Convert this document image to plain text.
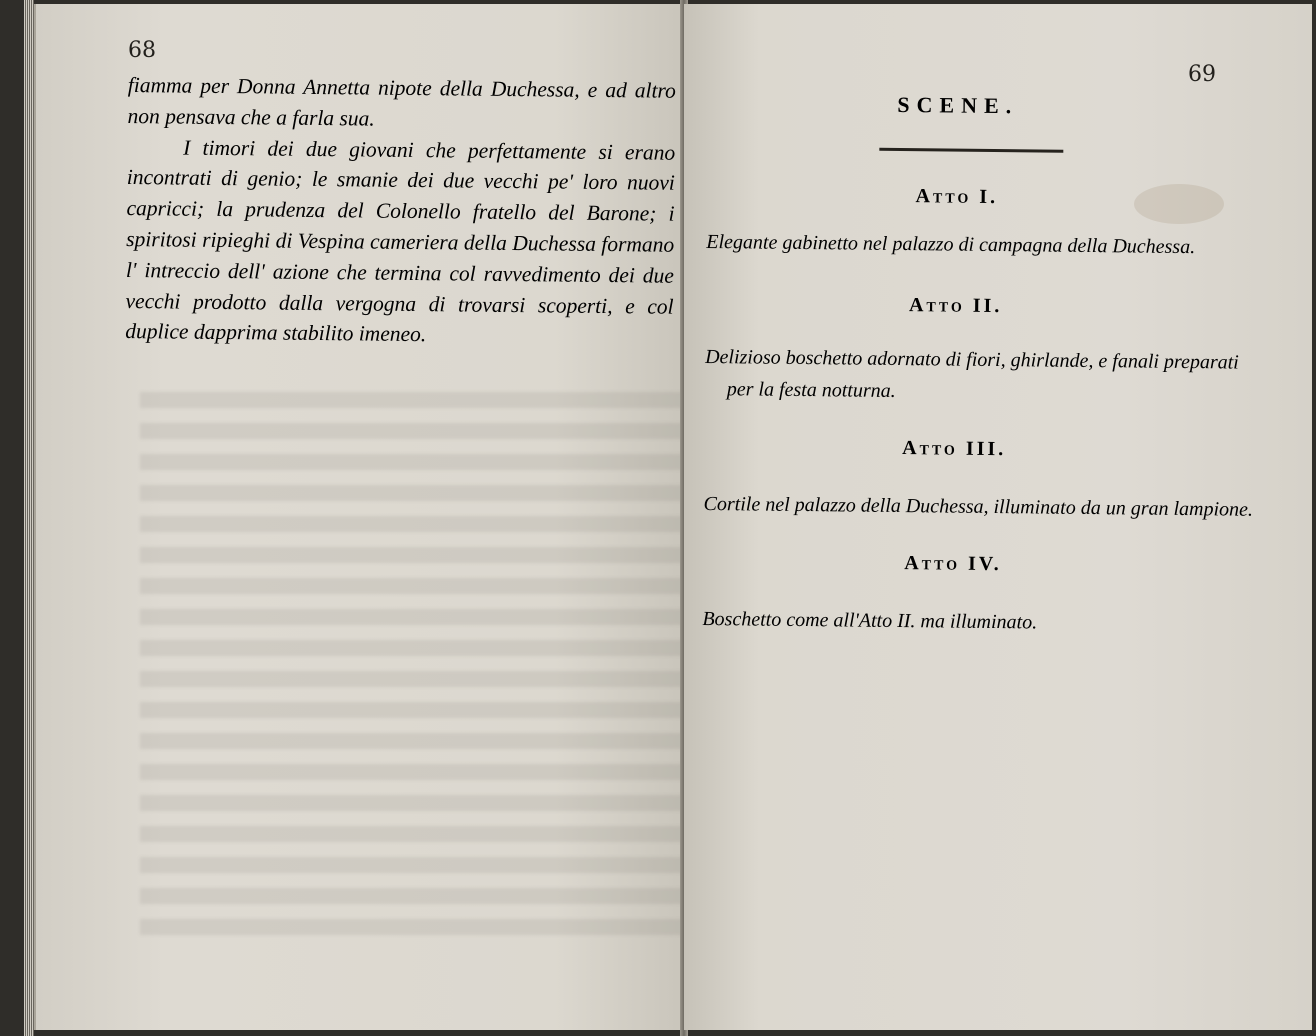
68
69

fiamma per Donna Annetta nipote della Duchessa, e ad altro non pensava che a farla sua.

I timori dei due giovani che perfettamente si erano incontrati di genio; le smanie dei due vecchi pe' loro nuovi capricci; la prudenza del Colonello fratello del Barone; i spiritosi ripieghi di Vespina cameriera della Duchessa formano l' intreccio dell' azione che termina col ravvedimento dei due vecchi prodotto dalla vergogna di trovarsi scoperti, e col duplice dapprima stabilito imeneo.

SCENE.
Atto I.

Elegante gabinetto nel palazzo di campagna della Duchessa.

Atto II.

Delizioso boschetto adornato di fiori, ghirlande, e fanali preparati per la festa notturna.

Atto III.

Cortile nel palazzo della Duchessa, illuminato da un gran lampione.

Atto IV.

Boschetto come all'Atto II. ma illuminato.
